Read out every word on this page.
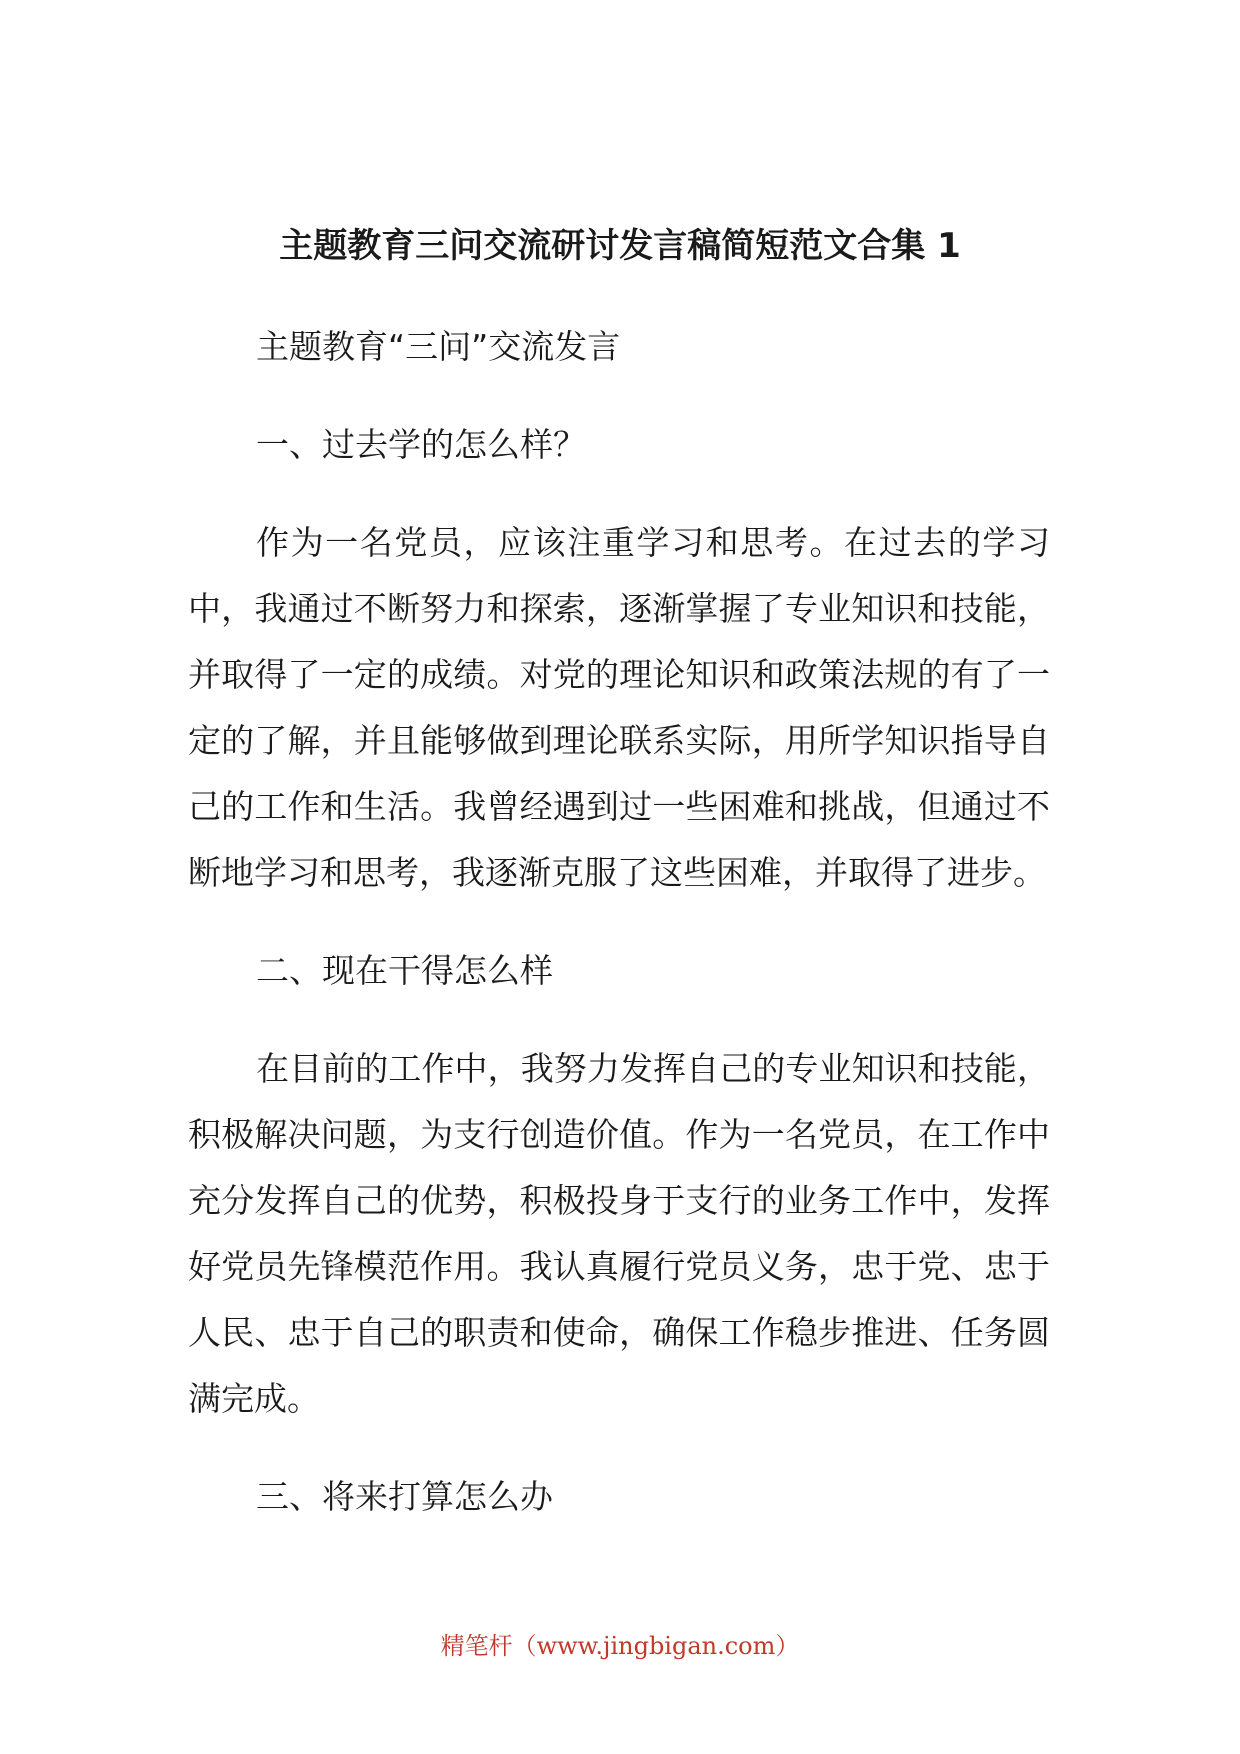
主题教育三问交流研讨发言稿简短范文合集 1

主题教育“三问”交流发言

一、过去学的怎么样？

作为一名党员，应该注重学习和思考。在过去的学习中，我通过不断努力和探索，逐渐掌握了专业知识和技能，并取得了一定的成绩。对党的理论知识和政策法规的有了一定的了解，并且能够做到理论联系实际，用所学知识指导自己的工作和生活。我曾经遇到过一些困难和挑战，但通过不断地学习和思考，我逐渐克服了这些困难，并取得了进步。

二、现在干得怎么样

在目前的工作中，我努力发挥自己的专业知识和技能，积极解决问题，为支行创造价值。作为一名党员，在工作中充分发挥自己的优势，积极投身于支行的业务工作中，发挥好党员先锋模范作用。我认真履行党员义务，忠于党、忠于人民、忠于自己的职责和使命，确保工作稳步推进、任务圆满完成。

三、将来打算怎么办

精笔杆（www.jingbigan.com）
